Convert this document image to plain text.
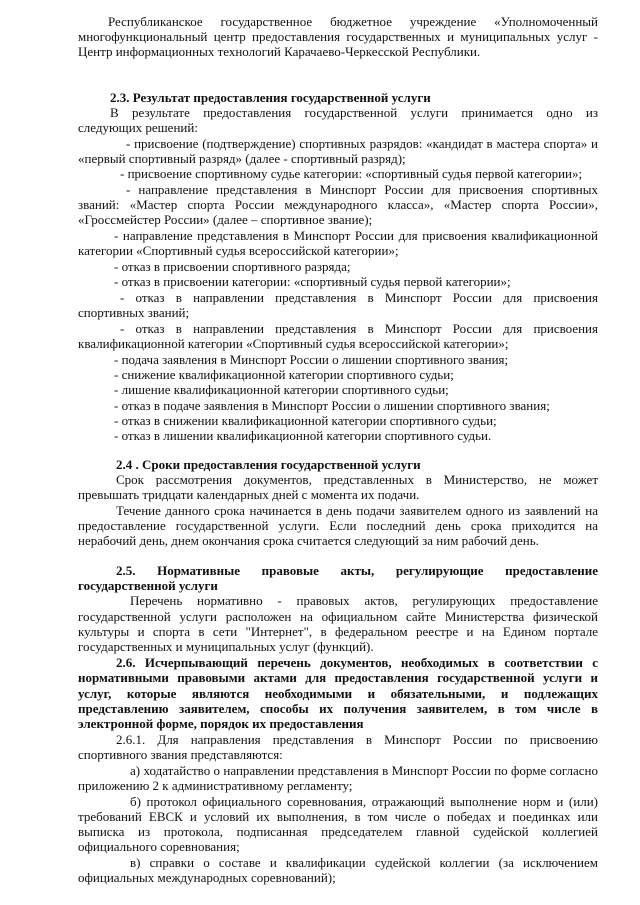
Республиканское государственное бюджетное учреждение «Уполномоченный
многофункциональный центр предоставления государственных и муниципальных услуг -
Центр информационных технологий Карачаево-Черкесской Республики.
2.3. Результат предоставления государственной услуги
В результате предоставления государственной услуги принимается одно из
следующих решений:
- присвоение (подтверждение) спортивных разрядов: «кандидат в мастера спорта» и
«первый спортивный разряд» (далее - спортивный разряд);
- присвоение спортивному судье категории: «спортивный судья первой категории»;
- направление представления в Минспорт России для присвоения спортивных
званий: «Мастер спорта России международного класса», «Мастер спорта России»,
«Гроссмейстер России» (далее – спортивное звание);
- направление представления в Минспорт России для присвоения квалификационной
категории «Спортивный судья всероссийской категории»;
- отказ в присвоении спортивного разряда;
- отказ в присвоении категории: «спортивный судья первой категории»;
- отказ в направлении представления в Минспорт России для присвоения
спортивных званий;
- отказ в направлении представления в Минспорт России для присвоения
квалификационной категории «Спортивный судья всероссийской категории»;
- подача заявления в Минспорт России о лишении спортивного звания;
- снижение квалификационной категории спортивного судьи;
- лишение квалификационной категории спортивного судьи;
- отказ в подаче заявления в Минспорт России о лишении спортивного звания;
- отказ в снижении квалификационной категории спортивного судьи;
- отказ в лишении квалификационной категории спортивного судьи.
2.4 . Сроки предоставления государственной услуги
Срок рассмотрения документов, представленных в Министерство, не может
превышать тридцати календарных дней с момента их подачи.
Течение данного срока начинается в день подачи заявителем одного из заявлений на
предоставление государственной услуги. Если последний день срока приходится на
нерабочий день, днем окончания срока считается следующий за ним рабочий день.
2.5. Нормативные правовые акты, регулирующие предоставление
государственной услуги
Перечень нормативно - правовых актов, регулирующих предоставление
государственной услуги расположен на официальном сайте Министерства физической
культуры и спорта в сети "Интернет", в федеральном реестре и на Едином портале
государственных и муниципальных услуг (функций).
2.6. Исчерпывающий перечень документов, необходимых в соответствии с
нормативными правовыми актами для предоставления государственной услуги и
услуг, которые являются необходимыми и обязательными, и подлежащих
представлению заявителем, способы их получения заявителем, в том числе в
электронной форме, порядок их предоставления
2.6.1. Для направления представления в Минспорт России по присвоению
спортивного звания представляются:
а) ходатайство о направлении представления в Минспорт России по форме согласно
приложению 2 к административному регламенту;
б) протокол официального соревнования, отражающий выполнение норм и (или)
требований ЕВСК и условий их выполнения, в том числе о победах и поединках или
выписка из протокола, подписанная председателем главной судейской коллегией
официального соревнования;
в) справки о составе и квалификации судейской коллегии (за исключением
официальных международных соревнований);
